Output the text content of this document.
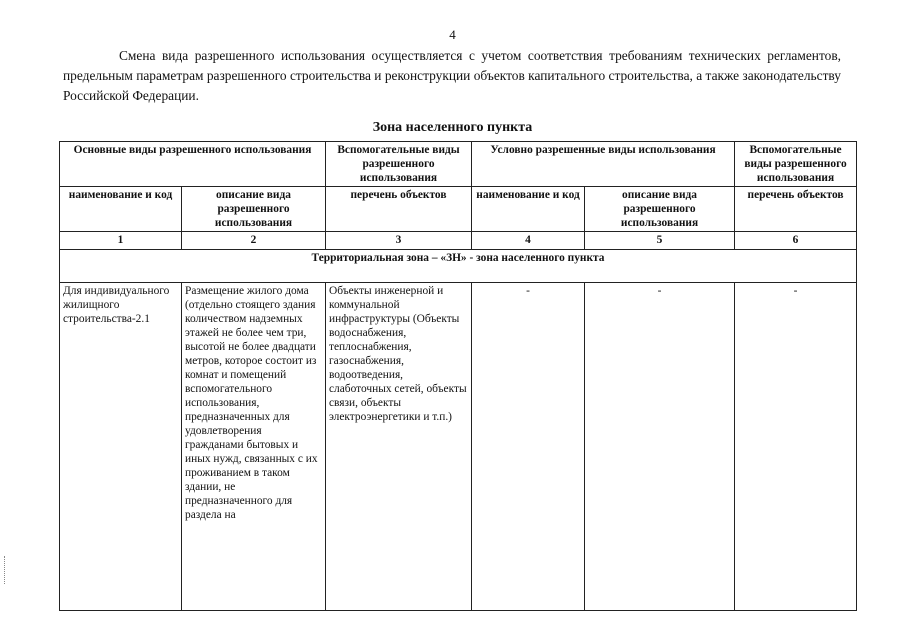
4

Смена вида разрешенного использования осуществляется с учетом соответствия требованиям технических регламентов, предельным параметрам разрешенного строительства и реконструкции объектов капитального строительства, а также законодательству Российской Федерации.

Зона населенного пункта
Основные виды разрешенного использования		Вспомогательные виды разрешенного использования	Условно разрешенные виды использования		Вспомогательные виды разрешенного использования
наименование и код	описание вида разрешенного использования	перечень объектов	наименование и код	описание вида разрешенного использования	перечень объектов
1	2	3	4	5	6
Территориальная зона – «ЗН» - зона населенного пункта					
Для индивидуального жилищного строительства-2.1	Размещение жилого дома (отдельно стоящего здания количеством надземных этажей не более чем три, высотой не более двадцати метров, которое состоит из комнат и помещений вспомогательного использования, предназначенных для удовлетворения гражданами бытовых и иных нужд, связанных с их проживанием в таком здании, не предназначенного для раздела на	Объекты инженерной и коммунальной инфраструктуры (Объекты водоснабжения, теплоснабжения, газоснабжения, водоотведения, слаботочных сетей, объекты связи, объекты электроэнергетики и т.п.)	-	-	-
